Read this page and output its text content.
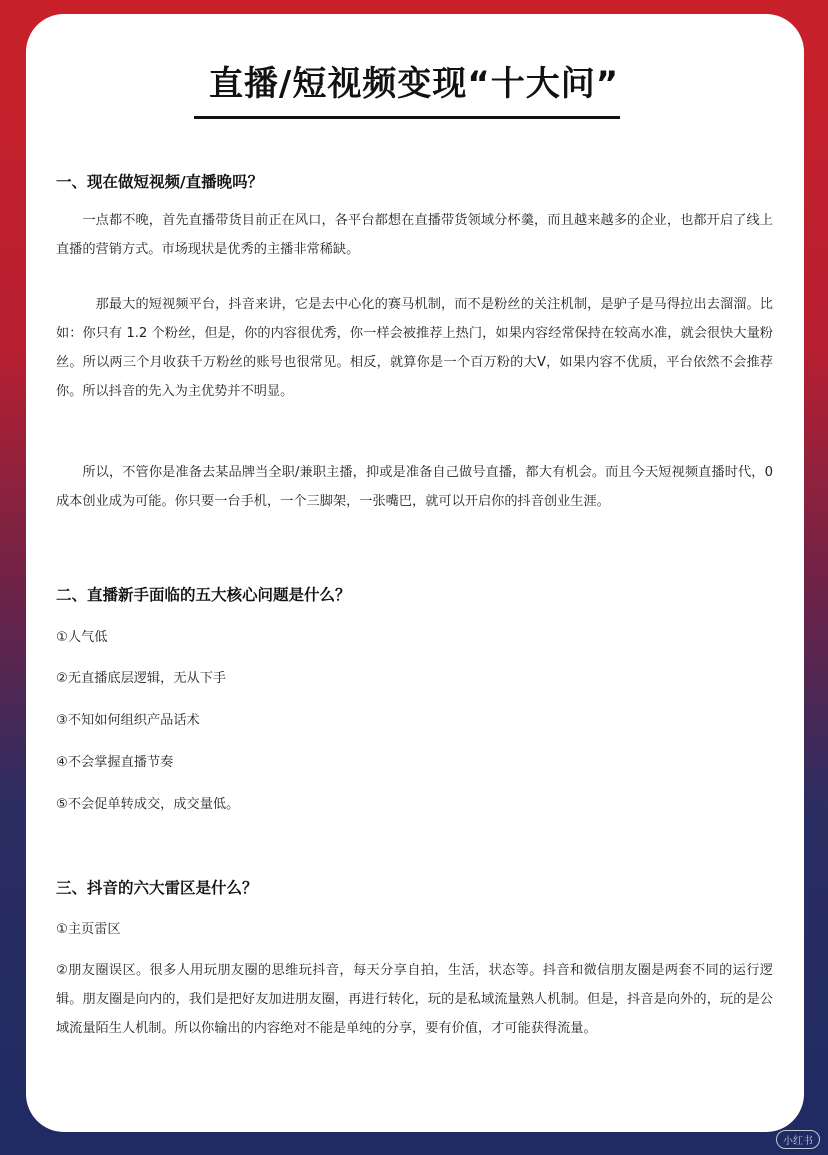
直播/短视频变现“十大问”
一、现在做短视频/直播晚吗？
一点都不晚，首先直播带货目前正在风口，各平台都想在直播带货领域分杯羹，而且越来越多的企业，也都开启了线上直播的营销方式。市场现状是优秀的主播非常稀缺。
那最大的短视频平台，抖音来讲，它是去中心化的赛马机制，而不是粉丝的关注机制，是驴子是马得拉出去溜溜。比如：你只有 1.2 个粉丝，但是，你的内容很优秀，你一样会被推荐上热门，如果内容经常保持在较高水准，就会很快大量粉丝。所以两三个月收获千万粉丝的账号也很常见。相反，就算你是一个百万粉的大V，如果内容不优质，平台依然不会推荐你。所以抖音的先入为主优势并不明显。
所以，不管你是准备去某品牌当全职/兼职主播，抑或是准备自己做号直播，都大有机会。而且今天短视频直播时代，0成本创业成为可能。你只要一台手机，一个三脚架，一张嘴巴，就可以开启你的抖音创业生涯。
二、直播新手面临的五大核心问题是什么？
①人气低
②无直播底层逻辑，无从下手
③不知如何组织产品话术
④不会掌握直播节奏
⑤不会促单转成交，成交量低。
三、抖音的六大雷区是什么？
①主页雷区
②朋友圈误区。很多人用玩朋友圈的思维玩抖音，每天分享自拍，生活，状态等。抖音和微信朋友圈是两套不同的运行逻辑。朋友圈是向内的，我们是把好友加进朋友圈，再进行转化，玩的是私域流量熟人机制。但是，抖音是向外的，玩的是公域流量陌生人机制。所以你输出的内容绝对不能是单纯的分享，要有价值，才可能获得流量。
小红书
